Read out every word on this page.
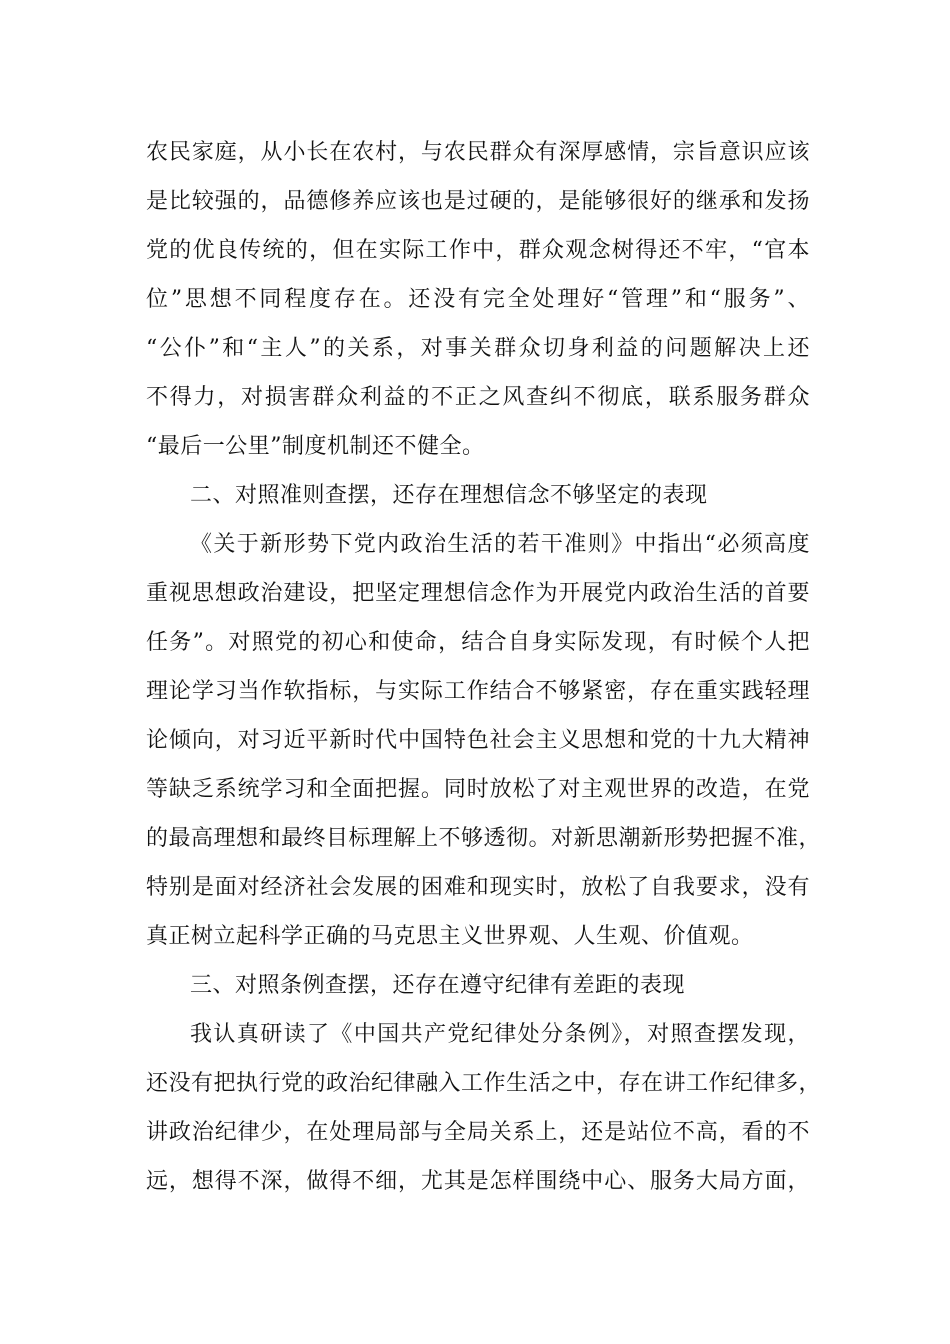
农民家庭，从小长在农村，与农民群众有深厚感情，宗旨意识应该
是比较强的，品德修养应该也是过硬的，是能够很好的继承和发扬
党的优良传统的，但在实际工作中，群众观念树得还不牢，“官本
位”思想不同程度存在。还没有完全处理好“管理”和“服务”、
“公仆”和“主人”的关系，对事关群众切身利益的问题解决上还
不得力，对损害群众利益的不正之风查纠不彻底，联系服务群众
“最后一公里”制度机制还不健全。
二、对照准则查摆，还存在理想信念不够坚定的表现
《关于新形势下党内政治生活的若干准则》中指出“必须高度
重视思想政治建设，把坚定理想信念作为开展党内政治生活的首要
任务”。对照党的初心和使命，结合自身实际发现，有时候个人把
理论学习当作软指标，与实际工作结合不够紧密，存在重实践轻理
论倾向，对习近平新时代中国特色社会主义思想和党的十九大精神
等缺乏系统学习和全面把握。同时放松了对主观世界的改造，在党
的最高理想和最终目标理解上不够透彻。对新思潮新形势把握不准，
特别是面对经济社会发展的困难和现实时，放松了自我要求，没有
真正树立起科学正确的马克思主义世界观、人生观、价值观。
三、对照条例查摆，还存在遵守纪律有差距的表现
我认真研读了《中国共产党纪律处分条例》，对照查摆发现，
还没有把执行党的政治纪律融入工作生活之中，存在讲工作纪律多，
讲政治纪律少，在处理局部与全局关系上，还是站位不高，看的不
远，想得不深，做得不细，尤其是怎样围绕中心、服务大局方面，
